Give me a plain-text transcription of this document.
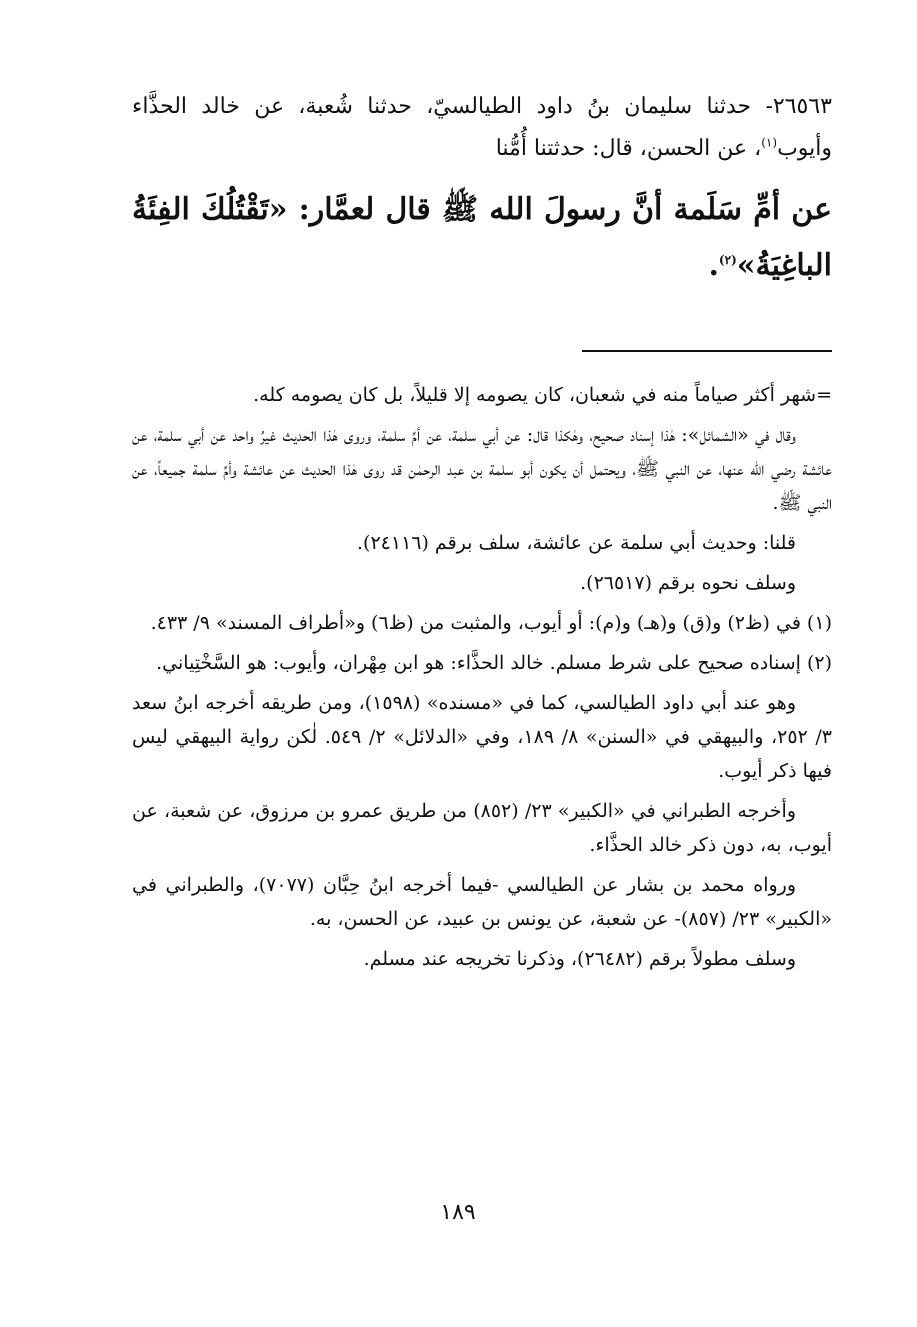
٢٦٥٦٣- حدثنا سليمان بنُ داود الطيالسيّ، حدثنا شُعبة، عن خالد الحذَّاء وأيوب$^{(١)}$، عن الحسن، قال: حدثتنا أُمُّنا
عن أمِّ سَلَمة أنَّ رسولَ الله ﷺ قال لعمَّار: «تَقْتُلُكَ الفِئَةُ الباغِيَةُ»$^{(٢)}$.

=شهر أكثر صياماً منه في شعبان، كان يصومه إلا قليلاً، بل كان يصومه كله.

وقال في «الشمائل»: هٰذا إسناد صحيح، وهٰكذا قال: عن أبي سلمة، عن أمِّ سلمة، وروى هٰذا الحديث غيرُ واحد عن أبي سلمة، عن عائشة رضي الله عنها، عن النبي ﷺ، ويحتمل أن يكون أبو سلمة بن عبد الرحمٰن قد روى هٰذا الحديث عن عائشة وأمِّ سلمة جميعاً، عن النبي ﷺ.

قلنا: وحديث أبي سلمة عن عائشة، سلف برقم (٢٤١١٦).

وسلف نحوه برقم (٢٦٥١٧).

(١) في (ظ٢) و(ق) و(هـ) و(م): أو أيوب، والمثبت من (ظ٦) و«أطراف المسند» ٩/ ٤٣٣.

(٢) إسناده صحيح على شرط مسلم. خالد الحذَّاء: هو ابن مِهْران، وأيوب: هو السَّخْتِياني.

وهو عند أبي داود الطيالسي، كما في «مسنده» (١٥٩٨)، ومن طريقه أخرجه ابنُ سعد ٣/ ٢٥٢، والبيهقي في «السنن» ٨/ ١٨٩، وفي «الدلائل» ٢/ ٥٤٩. لٰكن رواية البيهقي ليس فيها ذكر أيوب.

وأخرجه الطبراني في «الكبير» ٢٣/ (٨٥٢) من طريق عمرو بن مرزوق، عن شعبة، عن أيوب، به، دون ذكر خالد الحذَّاء.

ورواه محمد بن بشار عن الطيالسي -فيما أخرجه ابنُ حِبَّان (٧٠٧٧)، والطبراني في «الكبير» ٢٣/ (٨٥٧)- عن شعبة، عن يونس بن عبيد، عن الحسن، به.

وسلف مطولاً برقم (٢٦٤٨٢)، وذكرنا تخريجه عند مسلم.

١٨٩
